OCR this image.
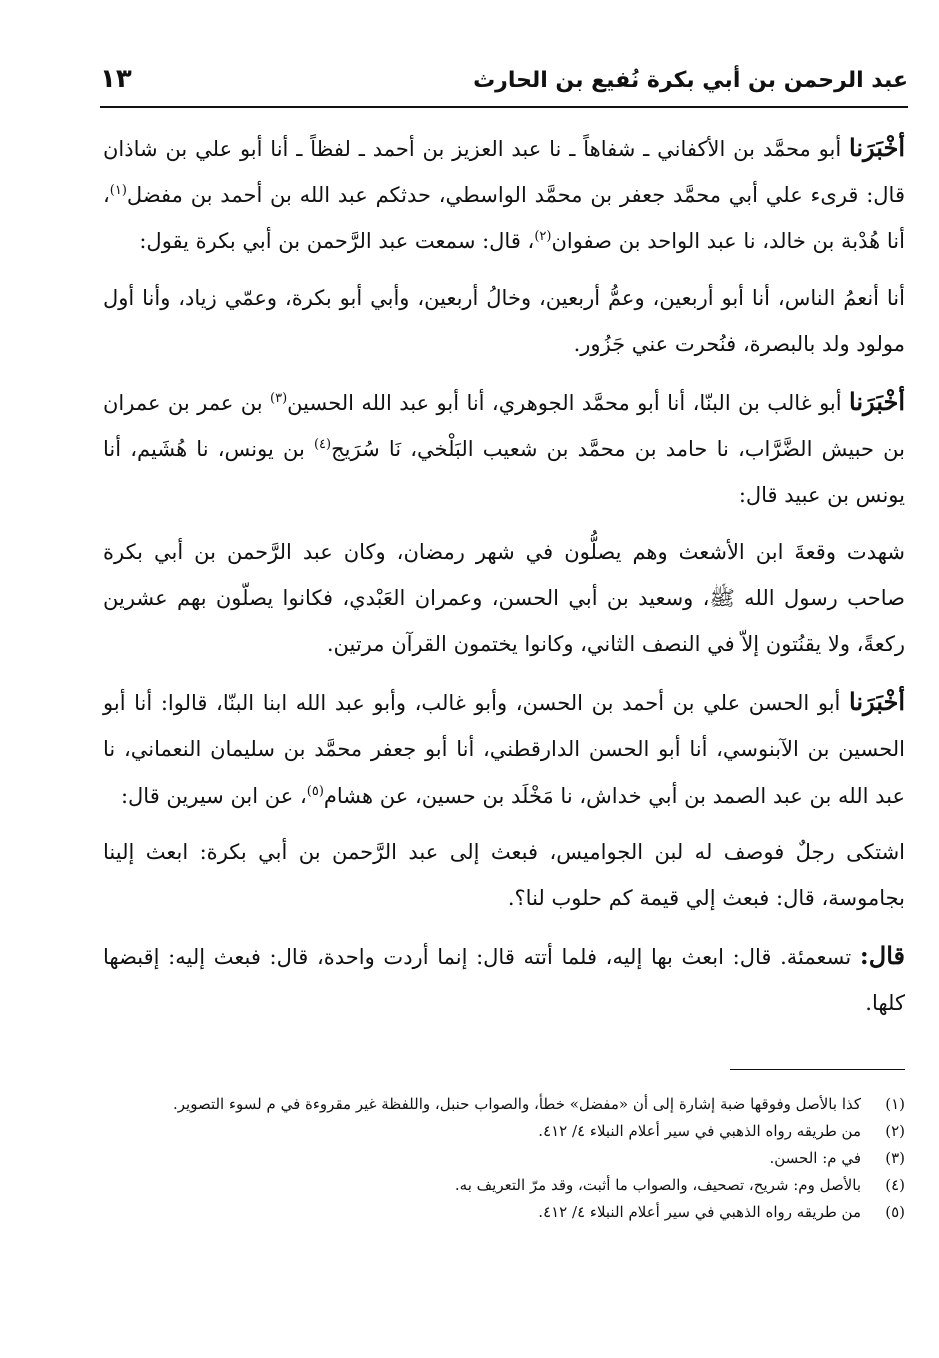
عبد الرحمن بن أبي بكرة نُفيع بن الحارث
١٣

أخْبَرَنا أبو محمَّد بن الأكفاني ـ شفاهاً ـ نا عبد العزيز بن أحمد ـ لفظاً ـ أنا أبو علي بن شاذان قال: قرىء علي أبي محمَّد جعفر بن محمَّد الواسطي، حدثكم عبد الله بن أحمد بن مفضل$^{(١)}$، أنا هُدْبة بن خالد، نا عبد الواحد بن صفوان$^{(٢)}$، قال: سمعت عبد الرَّحمن بن أبي بكرة يقول:

أنا أنعمُ الناس، أنا أبو أربعين، وعمُّ أربعين، وخالُ أربعين، وأبي أبو بكرة، وعمّي زياد، وأنا أول مولود ولد بالبصرة، فنُحرت عني جَزُور.

أخْبَرَنا أبو غالب بن البنّا، أنا أبو محمَّد الجوهري، أنا أبو عبد الله الحسين$^{(٣)}$ بن عمر بن عمران بن حبيش الضَّرَّاب، نا حامد بن محمَّد بن شعيب البَلْخي، نَا سُرَيج$^{(٤)}$ بن يونس، نا هُشَيم، أنا يونس بن عبيد قال:

شهدت وقعةَ ابن الأشعث وهم يصلُّون في شهر رمضان، وكان عبد الرَّحمن بن أبي بكرة صاحب رسول الله ﷺ، وسعيد بن أبي الحسن، وعمران العَبْدي، فكانوا يصلّون بهم عشرين ركعةً، ولا يقنُتون إلاّ في النصف الثاني، وكانوا يختمون القرآن مرتين.

أخْبَرَنا أبو الحسن علي بن أحمد بن الحسن، وأبو غالب، وأبو عبد الله ابنا البنّا، قالوا: أنا أبو الحسين بن الآبنوسي، أنا أبو الحسن الدارقطني، أنا أبو جعفر محمَّد بن سليمان النعماني، نا عبد الله بن عبد الصمد بن أبي خداش، نا مَخْلَد بن حسين، عن هشام$^{(٥)}$، عن ابن سيرين قال:

اشتكى رجلٌ فوصف له لبن الجواميس، فبعث إلى عبد الرَّحمن بن أبي بكرة: ابعث إلينا بجاموسة، قال: فبعث إلي قيمة كم حلوب لنا؟.

قال: تسعمئة. قال: ابعث بها إليه، فلما أتته قال: إنما أردت واحدة، قال: فبعث إليه: إقبضها كلها.

(١)
كذا بالأصل وفوقها ضبة إشارة إلى أن «مفضل» خطأ، والصواب حنبل، واللفظة غير مقروءة في م لسوء التصوير.
(٢)
من طريقه رواه الذهبي في سير أعلام النبلاء ٤/ ٤١٢.
(٣)
في م: الحسن.
(٤)
بالأصل وم: شريح، تصحيف، والصواب ما أثبت، وقد مرّ التعريف به.
(٥)
من طريقه رواه الذهبي في سير أعلام النبلاء ٤/ ٤١٢.
